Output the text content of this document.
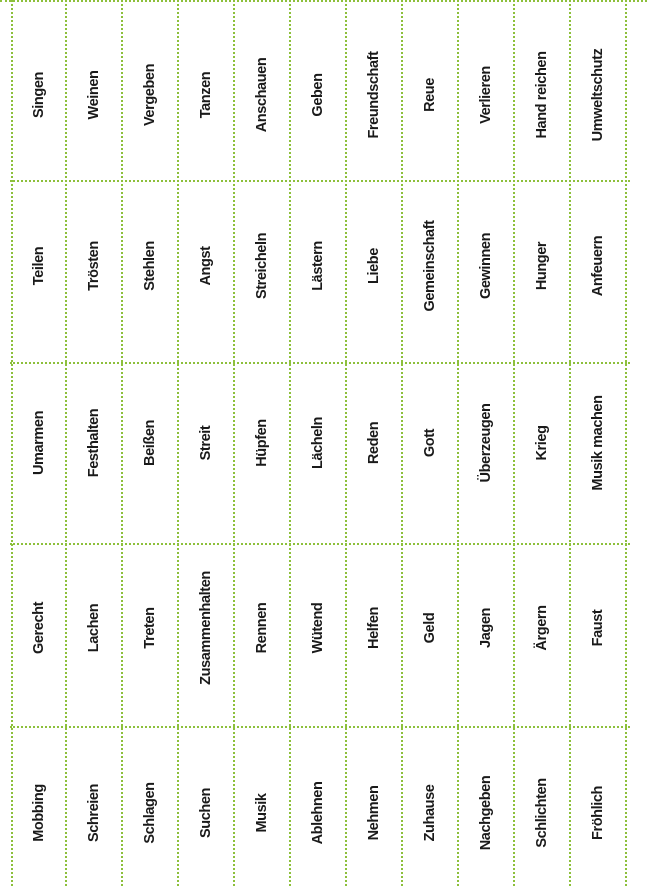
Mobbing
Gerecht
Umarmen
Teilen
Singen
Schreien
Lachen
Festhalten
Trösten
Weinen
Schlagen
Treten
Beißen
Stehlen
Vergeben
Suchen
Zusammenhalten
Streit
Angst
Tanzen
Musik
Rennen
Hüpfen
Streicheln
Anschauen
Ablehnen
Wütend
Lächeln
Lästern
Geben
Nehmen
Helfen
Reden
Liebe
Freundschaft
Zuhause
Geld
Gott
Gemeinschaft
Reue
Nachgeben
Jagen
Überzeugen
Gewinnen
Verlieren
Schlichten
Ärgern
Krieg
Hunger
Hand reichen
Fröhlich
Faust
Musik machen
Anfeuern
Umweltschutz
